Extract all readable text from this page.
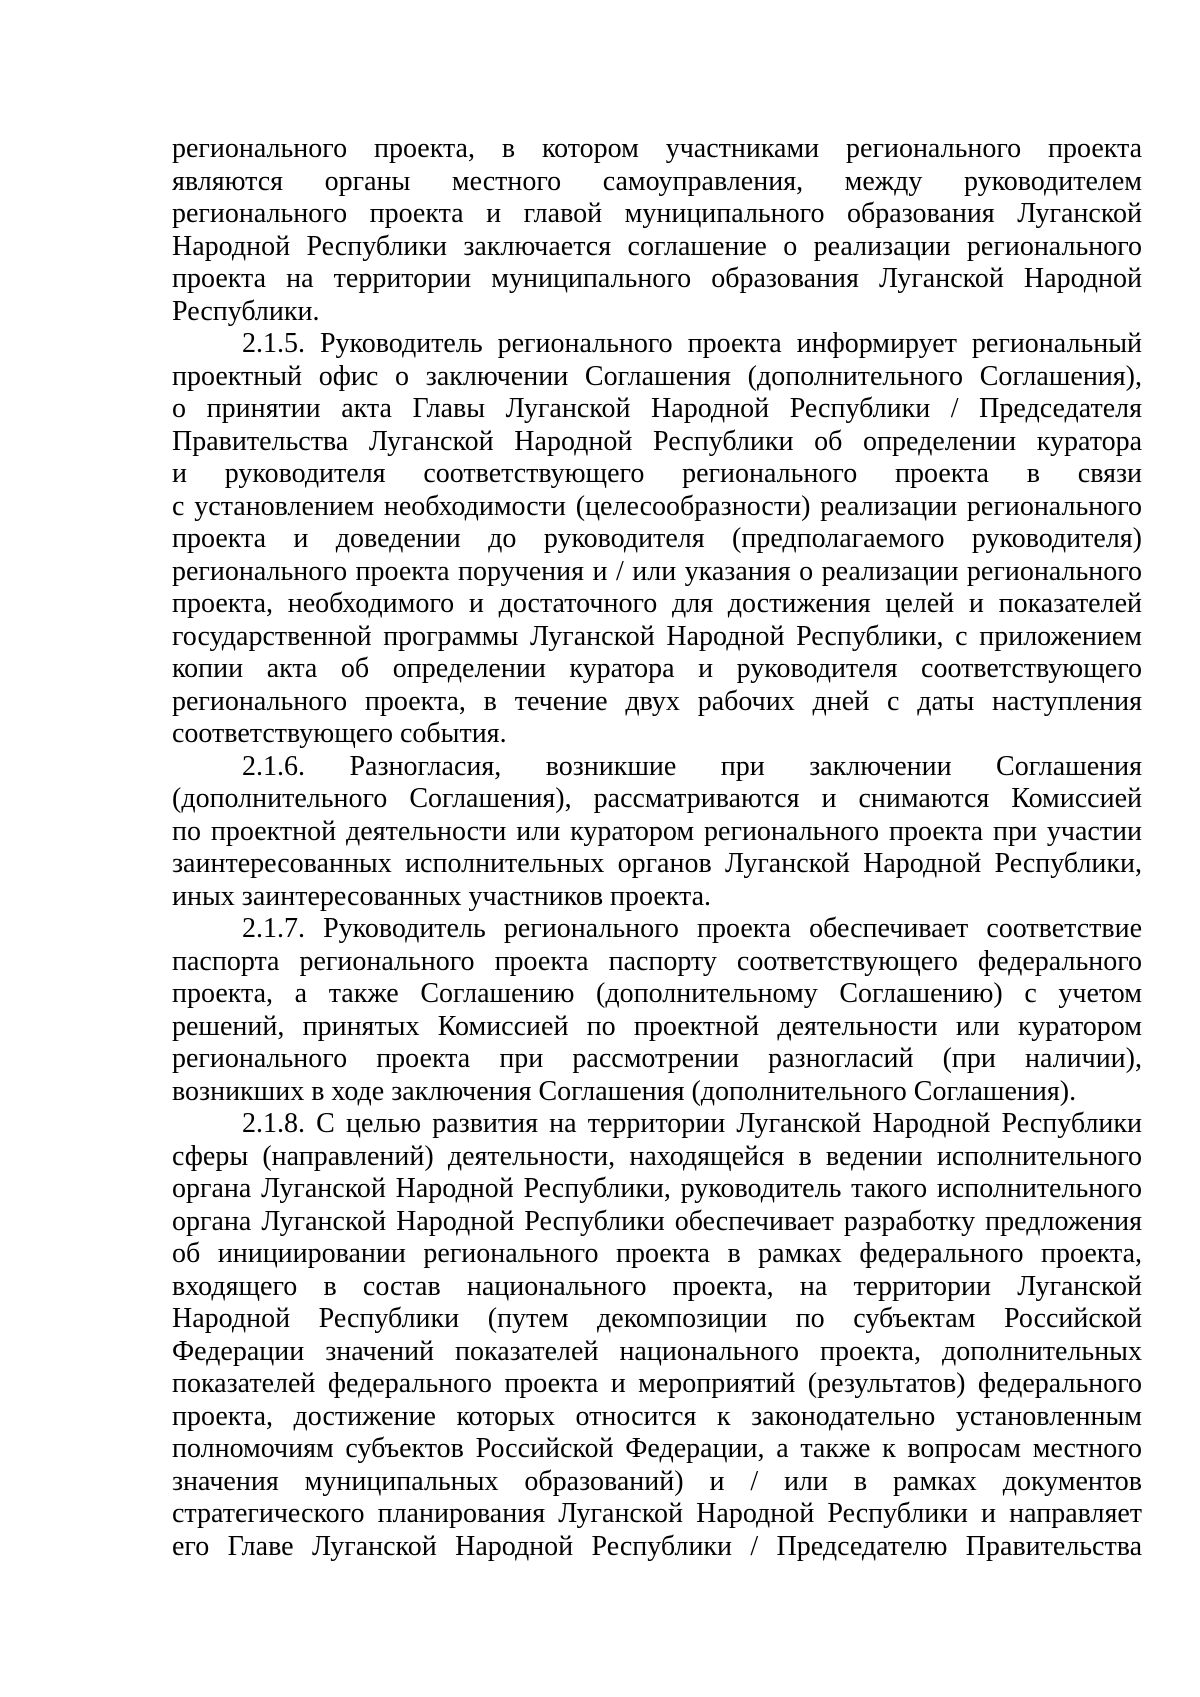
регионального проекта, в котором участниками регионального проекта
являются органы местного самоуправления, между руководителем
регионального проекта и главой муниципального образования Луганской
Народной Республики заключается соглашение о реализации регионального
проекта на территории муниципального образования Луганской Народной
Республики.
2.1.5. Руководитель регионального проекта информирует региональный
проектный офис о заключении Соглашения (дополнительного Соглашения),
о принятии акта Главы Луганской Народной Республики / Председателя
Правительства Луганской Народной Республики об определении куратора
и руководителя соответствующего регионального проекта в связи
с установлением необходимости (целесообразности) реализации регионального
проекта и доведении до руководителя (предполагаемого руководителя)
регионального проекта поручения и / или указания о реализации регионального
проекта, необходимого и достаточного для достижения целей и показателей
государственной программы Луганской Народной Республики, с приложением
копии акта об определении куратора и руководителя соответствующего
регионального проекта, в течение двух рабочих дней с даты наступления
соответствующего события.
2.1.6. Разногласия, возникшие при заключении Соглашения
(дополнительного Соглашения), рассматриваются и снимаются Комиссией
по проектной деятельности или куратором регионального проекта при участии
заинтересованных исполнительных органов Луганской Народной Республики,
иных заинтересованных участников проекта.
2.1.7. Руководитель регионального проекта обеспечивает соответствие
паспорта регионального проекта паспорту соответствующего федерального
проекта, а также Соглашению (дополнительному Соглашению) с учетом
решений, принятых Комиссией по проектной деятельности или куратором
регионального проекта при рассмотрении разногласий (при наличии),
возникших в ходе заключения Соглашения (дополнительного Соглашения).
2.1.8. С целью развития на территории Луганской Народной Республики
сферы (направлений) деятельности, находящейся в ведении исполнительного
органа Луганской Народной Республики, руководитель такого исполнительного
органа Луганской Народной Республики обеспечивает разработку предложения
об инициировании регионального проекта в рамках федерального проекта,
входящего в состав национального проекта, на территории Луганской
Народной Республики (путем декомпозиции по субъектам Российской
Федерации значений показателей национального проекта, дополнительных
показателей федерального проекта и мероприятий (результатов) федерального
проекта, достижение которых относится к законодательно установленным
полномочиям субъектов Российской Федерации, а также к вопросам местного
значения муниципальных образований) и / или в рамках документов
стратегического планирования Луганской Народной Республики и направляет
его Главе Луганской Народной Республики / Председателю Правительства
